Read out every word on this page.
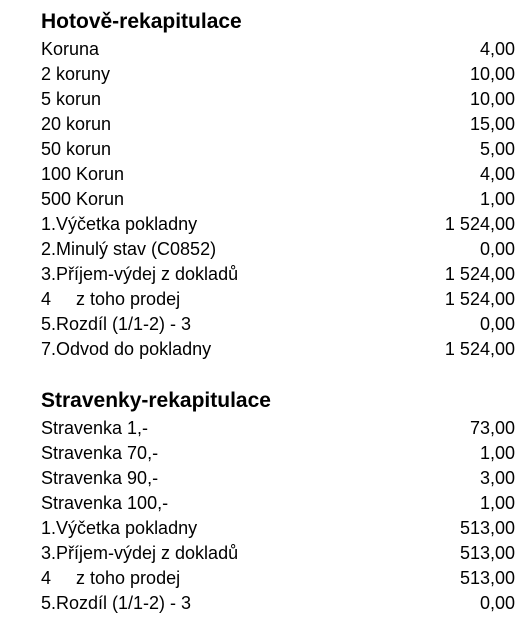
Hotově-rekapitulace
Koruna	4,00
2 koruny	10,00
5 korun	10,00
20 korun	15,00
50 korun	5,00
100 Korun	4,00
500 Korun	1,00
1.Výčetka pokladny	1 524,00
2.Minulý stav (C0852)	0,00
3.Příjem-výdej z dokladů	1 524,00
4     z toho prodej	1 524,00
5.Rozdíl (1/1-2) - 3	0,00
7.Odvod do pokladny	1 524,00
Stravenky-rekapitulace
Stravenka 1,-	73,00
Stravenka 70,-	1,00
Stravenka 90,-	3,00
Stravenka 100,-	1,00
1.Výčetka pokladny	513,00
3.Příjem-výdej z dokladů	513,00
4     z toho prodej	513,00
5.Rozdíl (1/1-2) - 3	0,00
